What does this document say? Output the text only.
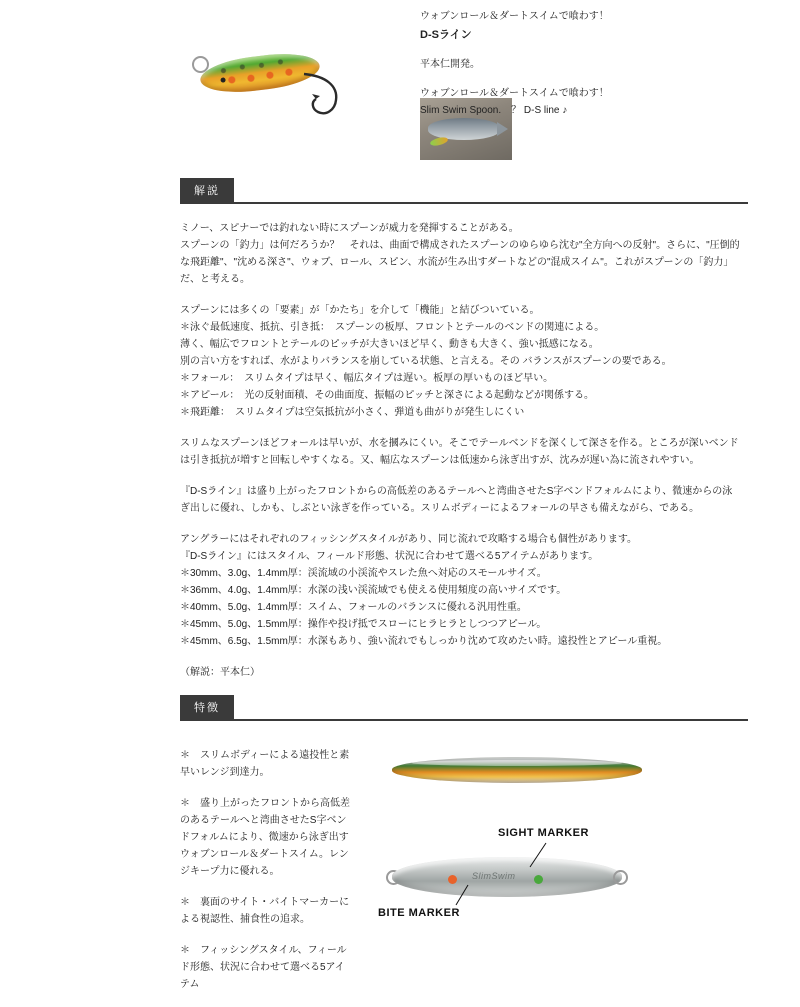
ウォブンロール＆ダートスイムで喰わす！
D-Sライン
平本仁開発。
ウォブンロール＆ダートスイムで喰わす！
Slim Swim Spoon.　？ D-S line ♪
解説

ミノー、スピナーでは釣れない時にスプーンが威力を発揮することがある。
スプーンの「釣力」は何だろうか？　それは、曲面で構成されたスプーンのゆらゆら沈む"全方向への反射"。さらに、"圧倒的な飛距離"、"沈める深さ"、ウォブ、ロール、スピン、水流が生み出すダートなどの"混成スイム"。これがスプーンの「釣力」だ、と考える。

スプーンには多くの「要素」が「かたち」を介して「機能」と結びついている。
＊泳ぐ最低速度、抵抗、引き抵：　スプーンの板厚、フロントとテールのベンドの関連による。
薄く、幅広でフロントとテールのピッチが大きいほど早く、動きも大きく、強い抵感になる。
別の言い方をすれば、水がよりバランスを崩している状態、と言える。その バランスがスプーンの要である。
＊フォール：　スリムタイプは早く、幅広タイプは遅い。板厚の厚いものほど早い。
＊アピール：　光の反射面積、その曲面度、振幅のピッチと深さによる起動などが関係する。
＊飛距離：　スリムタイプは空気抵抗が小さく、弾道も曲がりが発生しにくい

スリムなスプーンほどフォールは早いが、水を摑みにくい。そこでテールベンドを深くして深さを作る。ところが深いベンドは引き抵抗が増すと回転しやすくなる。又、幅広なスプーンは低速から泳ぎ出すが、沈みが遅い為に流されやすい。

『D-Sライン』は盛り上がったフロントからの高低差のあるテールへと湾曲させたS字ベンドフォルムにより、微速からの泳ぎ出しに優れ、しかも、しぶとい泳ぎを作っている。スリムボディーによるフォールの早さも備えながら、である。

アングラーにはそれぞれのフィッシングスタイルがあり、同じ流れで攻略する場合も個性があります。
『D-Sライン』にはスタイル、フィールド形態、状況に合わせて選べる5アイテムがあります。
＊30mm、3.0g、1.4mm厚：渓流域の小渓流やスレた魚へ対応のスモールサイズ。
＊36mm、4.0g、1.4mm厚：水深の浅い渓流域でも使える使用頻度の高いサイズです。
＊40mm、5.0g、1.4mm厚：スイム、フォールのバランスに優れる汎用性重。
＊45mm、5.0g、1.5mm厚：操作や投げ抵でスローにヒラヒラとしつつアピール。
＊45mm、6.5g、1.5mm厚：水深もあり、強い流れでもしっかり沈めて攻めたい時。遠投性とアピール重視。

（解説：平本仁）

特徴
＊　スリムボディーによる遠投性と素早いレンジ到達力。
＊　盛り上がったフロントから高低差のあるテールへと湾曲させたS字ベンドフォルムにより、微速から泳ぎ出すウォブンロール＆ダートスイム。レンジキープ力に優れる。
＊　裏面のサイト・バイトマーカーによる視認性、捕食性の追求。
＊　フィッシングスタイル、フィールド形態、状況に合わせて選べる5アイテム
SlimSwim
SIGHT MARKER
BITE MARKER
